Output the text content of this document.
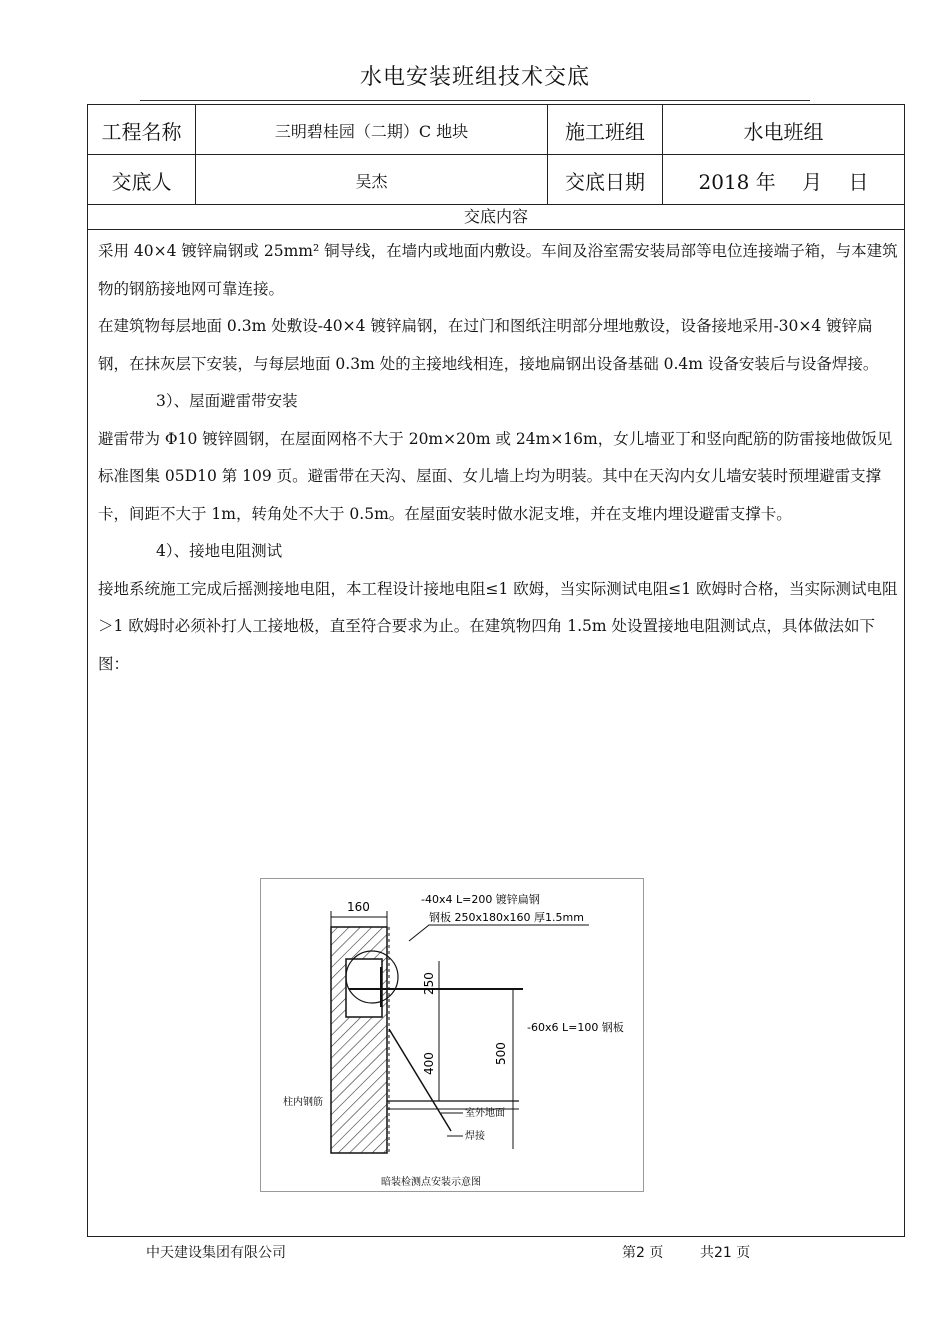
水电安装班组技术交底
工程名称	三明碧桂园（二期）C 地块	施工班组	水电班组
交底人	吴杰	交底日期	2018 年　 月　 日
交底内容

采用 40×4 镀锌扁钢或 25mm² 铜导线，在墙内或地面内敷设。车间及浴室需安装局部等电位连接端子箱，与本建筑物的钢筋接地网可靠连接。

在建筑物每层地面 0.3m 处敷设-40×4 镀锌扁钢，在过门和图纸注明部分埋地敷设，设备接地采用-30×4 镀锌扁钢，在抹灰层下安装，与每层地面 0.3m 处的主接地线相连，接地扁钢出设备基础 0.4m 设备安装后与设备焊接。

3）、屋面避雷带安装

避雷带为 Φ10 镀锌圆钢，在屋面网格不大于 20m×20m 或 24m×16m，女儿墙亚丁和竖向配筋的防雷接地做饭见标准图集 05D10 第 109 页。避雷带在天沟、屋面、女儿墙上均为明装。其中在天沟内女儿墙安装时预埋避雷支撑卡，间距不大于 1m，转角处不大于 0.5m。在屋面安装时做水泥支堆，并在支堆内埋设避雷支撑卡。

4）、接地电阻测试

接地系统施工完成后摇测接地电阻，本工程设计接地电阻≤1 欧姆，当实际测试电阻≤1 欧姆时合格，当实际测试电阻＞1 欧姆时必须补打人工接地极，直至符合要求为止。在建筑物四角 1.5m 处设置接地电阻测试点，具体做法如下图：

160
250
400	500
-40x4 L=200 镀锌扁钢
钢板 250x180x160 厚1.5mm
-60x6 L=100 钢板
柱内钢筋
室外地面
焊接
暗装检测点安装示意图
中天建设集团有限公司	第2 页	共21 页
